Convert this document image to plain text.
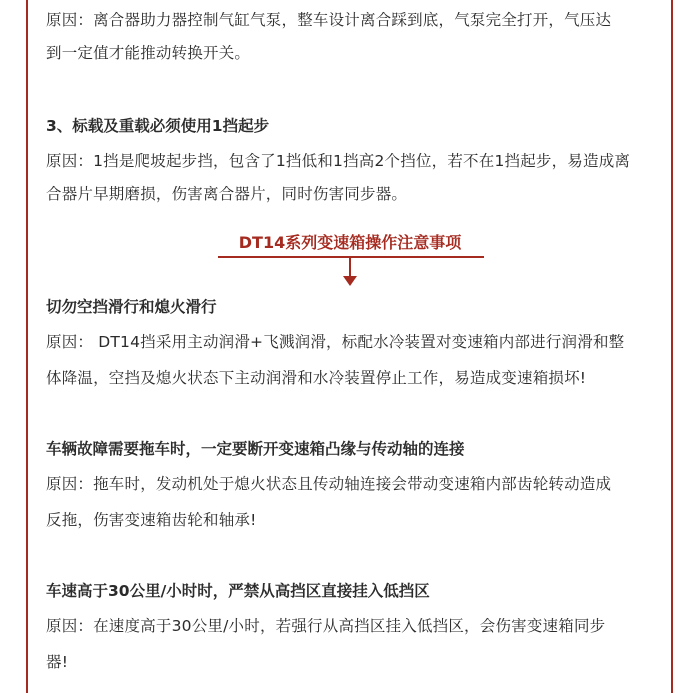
原因：离合器助力器控制气缸气泵，整车设计离合踩到底，气泵完全打开，气压达
到一定值才能推动转换开关。
3、标载及重载必须使用1挡起步
原因：1挡是爬坡起步挡，包含了1挡低和1挡高2个挡位，若不在1挡起步，易造成离
合器片早期磨损，伤害离合器片，同时伤害同步器。
DT14系列变速箱操作注意事项
切勿空挡滑行和熄火滑行
原因： DT14挡采用主动润滑+飞溅润滑，标配水冷装置对变速箱内部进行润滑和整
体降温，空挡及熄火状态下主动润滑和水冷装置停止工作，易造成变速箱损坏!
车辆故障需要拖车时，一定要断开变速箱凸缘与传动轴的连接
原因：拖车时，发动机处于熄火状态且传动轴连接会带动变速箱内部齿轮转动造成
反拖，伤害变速箱齿轮和轴承!
车速高于30公里/小时时，严禁从高挡区直接挂入低挡区
原因：在速度高于30公里/小时，若强行从高挡区挂入低挡区，会伤害变速箱同步
器!
